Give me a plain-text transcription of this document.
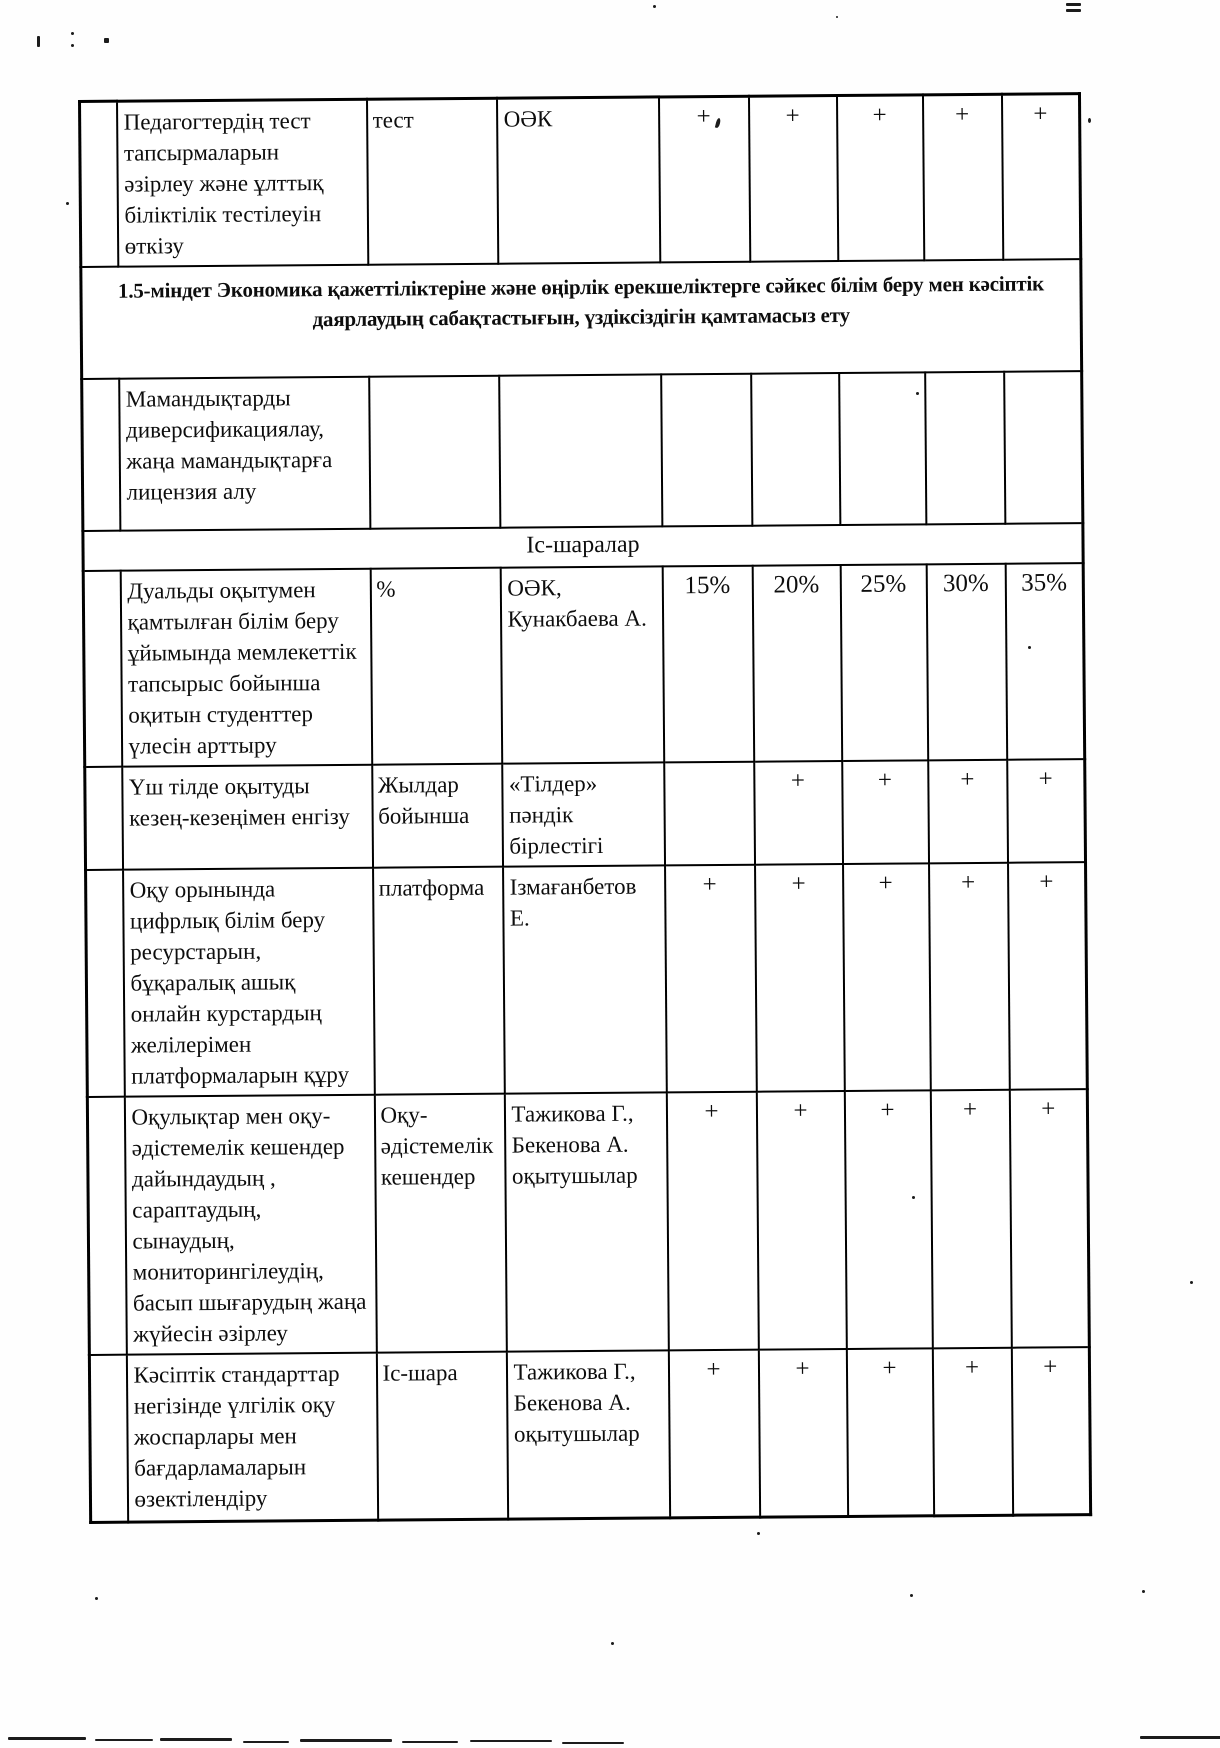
	Педагогтердің тест
тапсырмаларын
әзірлеу және ұлттық
біліктілік тестілеуін
өткізу	тест	ОӘК	+	+	+	+	+
1.5-міндет Экономика қажеттіліктеріне және өңірлік ерекшеліктерге сәйкес білім беру мен кәсіптік
даярлаудың сабақтастығын, үздіксіздігін қамтамасыз ету								
	Мамандықтарды
диверсификациялау,
жаңа мамандықтарға
лицензия алу							
Іс-шаралар								
	Дуальды оқытумен
қамтылған білім беру
ұйымында мемлекеттік
тапсырыс бойынша
оқитын студенттер
үлесін арттыру	%	ОӘК,
Кунакбаева А.	15%	20%	25%	30%	35%
	Үш тілде оқытуды
кезең-кезеңімен енгізу	Жылдар
бойынша	«Тілдер»
пәндік
бірлестігі		+	+	+	+
	Оқу орынында
цифрлық білім беру
ресурстарын,
бұқаралық ашық
онлайн курстардың
желілерімен
платформаларын құру	платформа	Ізмағанбетов Е.	+	+	+	+	+
	Оқулықтар мен оқу-
әдістемелік кешендер
дайындаудың ,
сараптаудың,
сынаудың,
мониторингілеудің,
басып шығарудың жаңа
жүйесін әзірлеу	Оқу-
әдістемелік
кешендер	Тажикова Г.,
Бекенова А.
оқытушылар	+	+	+	+	+
	Кәсіптік стандарттар
негізінде үлгілік оқу
жоспарлары мен
бағдарламаларын
өзектілендіру	Іс-шара	Тажикова Г.,
Бекенова А.
оқытушылар	+	+	+	+	+
